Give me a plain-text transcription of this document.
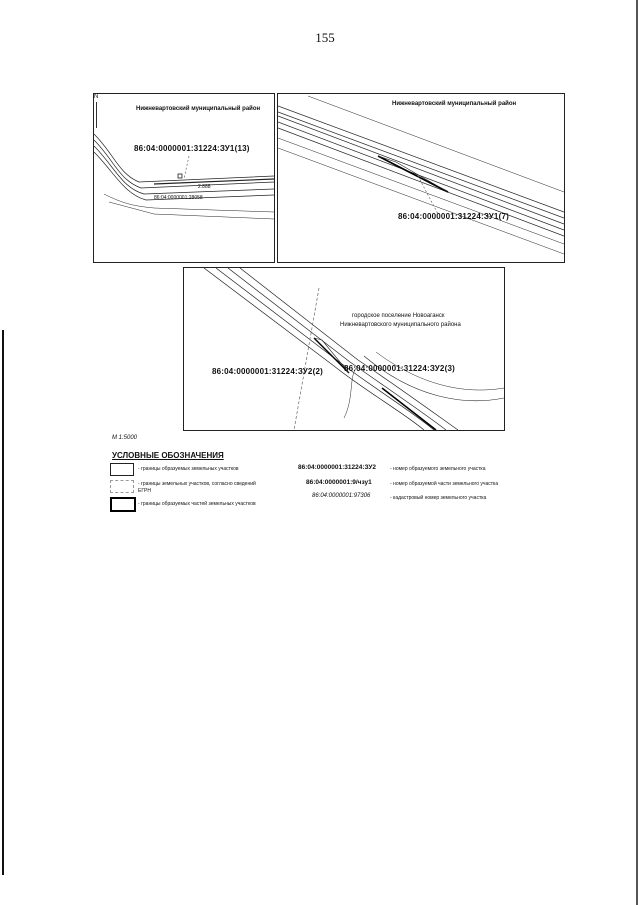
155
N
Нижневартовский муниципальный район
86:04:0000001:31224:ЗУ1(13)
2:888
86:04:0000001:28058
Нижневартовский муниципальный район
86:04:0000001:31224:ЗУ1(7)
городское поселение Новоаганск
Нижневартовского муниципального района
86:04:0000001:31224:ЗУ2(2)	86:04:0000001:31224:ЗУ2(3)
М 1:5000
УСЛОВНЫЕ ОБОЗНАЧЕНИЯ
- границы образуемых земельных участков
- границы земельных участков, согласно сведений ЕГРН
- границы образуемых частей земельных участков
86:04:0000001:31224:ЗУ2	- номер образуемого земельного участка
86:04:0000001:9/чзу1	- номер образуемой части земельного участка
86:04:0000001:97306	- кадастровый номер земельного участка
